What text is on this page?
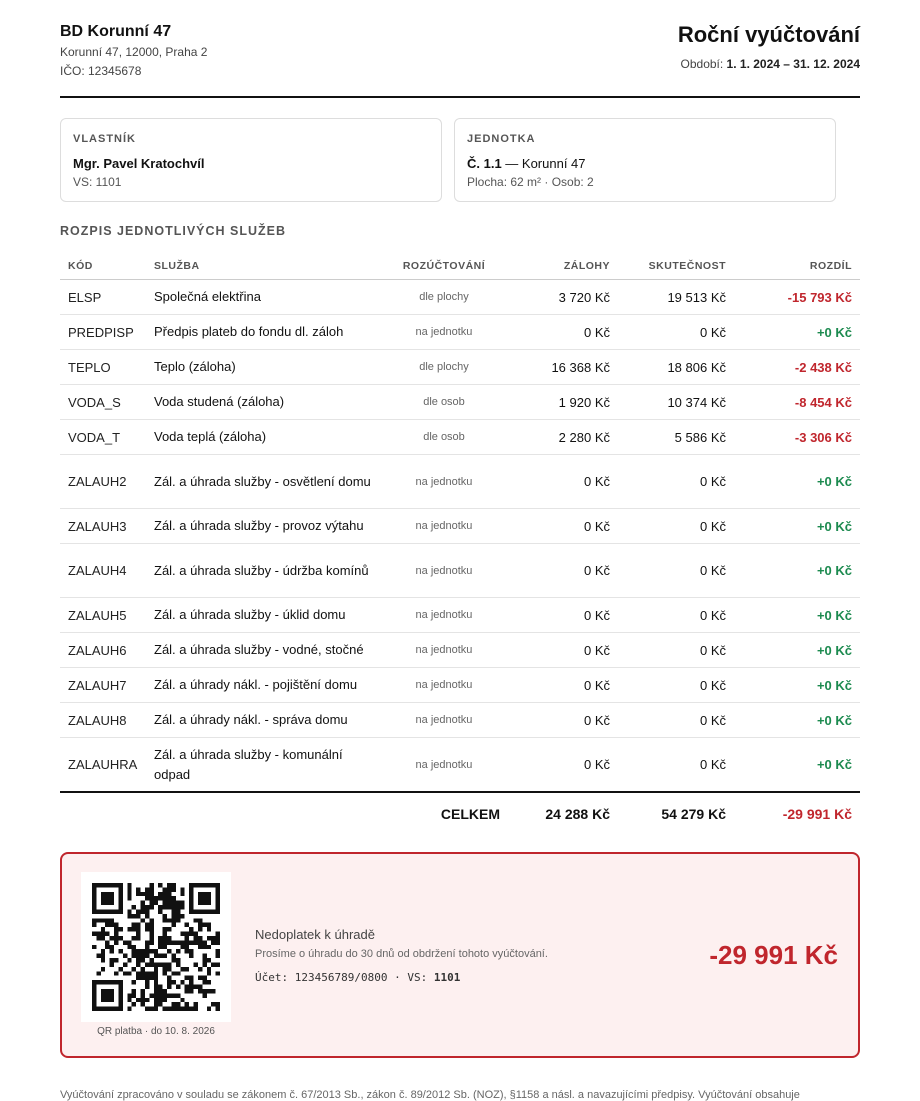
BD Korunní 47
Korunní 47, 12000, Praha 2
IČO: 12345678
Roční vyúčtování
Období: 1. 1. 2024 – 31. 12. 2024
VLASTNÍK
Mgr. Pavel Kratochvíl
VS: 1101
JEDNOTKA
Č. 1.1 — Korunní 47
Plocha: 62 m² · Osob: 2
ROZPIS JEDNOTLIVÝCH SLUŽEB
KÓD	SLUŽBA	ROZÚČTOVÁNÍ	ZÁLOHY	SKUTEČNOST	ROZDÍL
ELSP	Společná elektřina	dle plochy	3 720 Kč	19 513 Kč	-15 793 Kč
PREDPISP	Předpis plateb do fondu dl. záloh	na jednotku	0 Kč	0 Kč	+0 Kč
TEPLO	Teplo (záloha)	dle plochy	16 368 Kč	18 806 Kč	-2 438 Kč
VODA_S	Voda studená (záloha)	dle osob	1 920 Kč	10 374 Kč	-8 454 Kč
VODA_T	Voda teplá (záloha)	dle osob	2 280 Kč	5 586 Kč	-3 306 Kč
ZALAUH2	Zál. a úhrada služby - osvětlení domu	na jednotku	0 Kč	0 Kč	+0 Kč
ZALAUH3	Zál. a úhrada služby - provoz výtahu	na jednotku	0 Kč	0 Kč	+0 Kč
ZALAUH4	Zál. a úhrada služby - údržba komínů	na jednotku	0 Kč	0 Kč	+0 Kč
ZALAUH5	Zál. a úhrada služby - úklid domu	na jednotku	0 Kč	0 Kč	+0 Kč
ZALAUH6	Zál. a úhrada služby - vodné, stočné	na jednotku	0 Kč	0 Kč	+0 Kč
ZALAUH7	Zál. a úhrady nákl. - pojištění domu	na jednotku	0 Kč	0 Kč	+0 Kč
ZALAUH8	Zál. a úhrady nákl. - správa domu	na jednotku	0 Kč	0 Kč	+0 Kč
ZALAUHRA	Zál. a úhrada služby - komunální odpad	na jednotku	0 Kč	0 Kč	+0 Kč
CELKEM			24 288 Kč	54 279 Kč	-29 991 Kč
QR platba · do 10. 8. 2026
Nedoplatek k úhradě
Prosíme o úhradu do 30 dnů od obdržení tohoto vyúčtování.
Účet: 123456789/0800 · VS: 1101
-29 991 Kč
Vyúčtování zpracováno v souladu se zákonem č. 67/2013 Sb., zákon č. 89/2012 Sb. (NOZ), §1158 a násl. a navazujícími předpisy. Vyúčtování obsahuje
